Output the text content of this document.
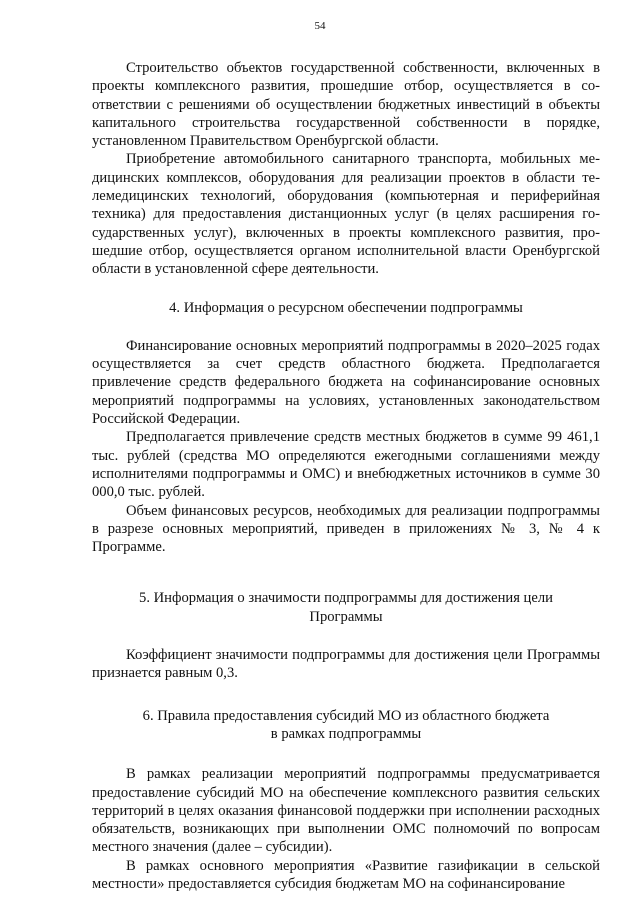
54

Строительство объектов государственной собственности, включенных в проекты комплексного развития, прошедшие отбор, осуществляется в соответствии с решениями об осуществлении бюджетных инвестиций в объекты капитального строительства государственной собственности в порядке, установленном Правительством Оренбургской области.

Приобретение автомобильного санитарного транспорта, мобильных медицинских комплексов, оборудования для реализации проектов в области телемедицинских технологий, оборудования (компьютерная и периферийная техника) для предоставления дистанционных услуг (в целях расширения государственных услуг), включенных в проекты комплексного развития, прошедшие отбор, осуществляется органом исполнительной власти Оренбургской области в установленной сфере деятельности.

4. Информация о ресурсном обеспечении подпрограммы

Финансирование основных мероприятий подпрограммы в 2020–2025 годах осуществляется за счет средств областного бюджета. Предполагается привлечение средств федерального бюджета на софинансирование основных мероприятий подпрограммы на условиях, установленных законодательством Российской Федерации.

Предполагается привлечение средств местных бюджетов в сумме 99 461,1 тыс. рублей (средства МО определяются ежегодными соглашениями между исполнителями подпрограммы и ОМС) и внебюджетных источников в сумме 30 000,0 тыс. рублей.

Объем финансовых ресурсов, необходимых для реализации подпрограммы в разрезе основных мероприятий, приведен в приложениях № 3, № 4 к Программе.

5. Информация о значимости подпрограммы для достижения цели
Программы

Коэффициент значимости подпрограммы для достижения цели Программы признается равным 0,3.

6. Правила предоставления субсидий МО из областного бюджета
в рамках подпрограммы

В рамках реализации мероприятий подпрограммы предусматривается предоставление субсидий МО на обеспечение комплексного развития сельских территорий в целях оказания финансовой поддержки при исполнении расходных обязательств, возникающих при выполнении ОМС полномочий по вопросам местного значения (далее – субсидии).

В рамках основного мероприятия «Развитие газификации в сельской местности» предоставляется субсидия бюджетам МО на софинансирование
